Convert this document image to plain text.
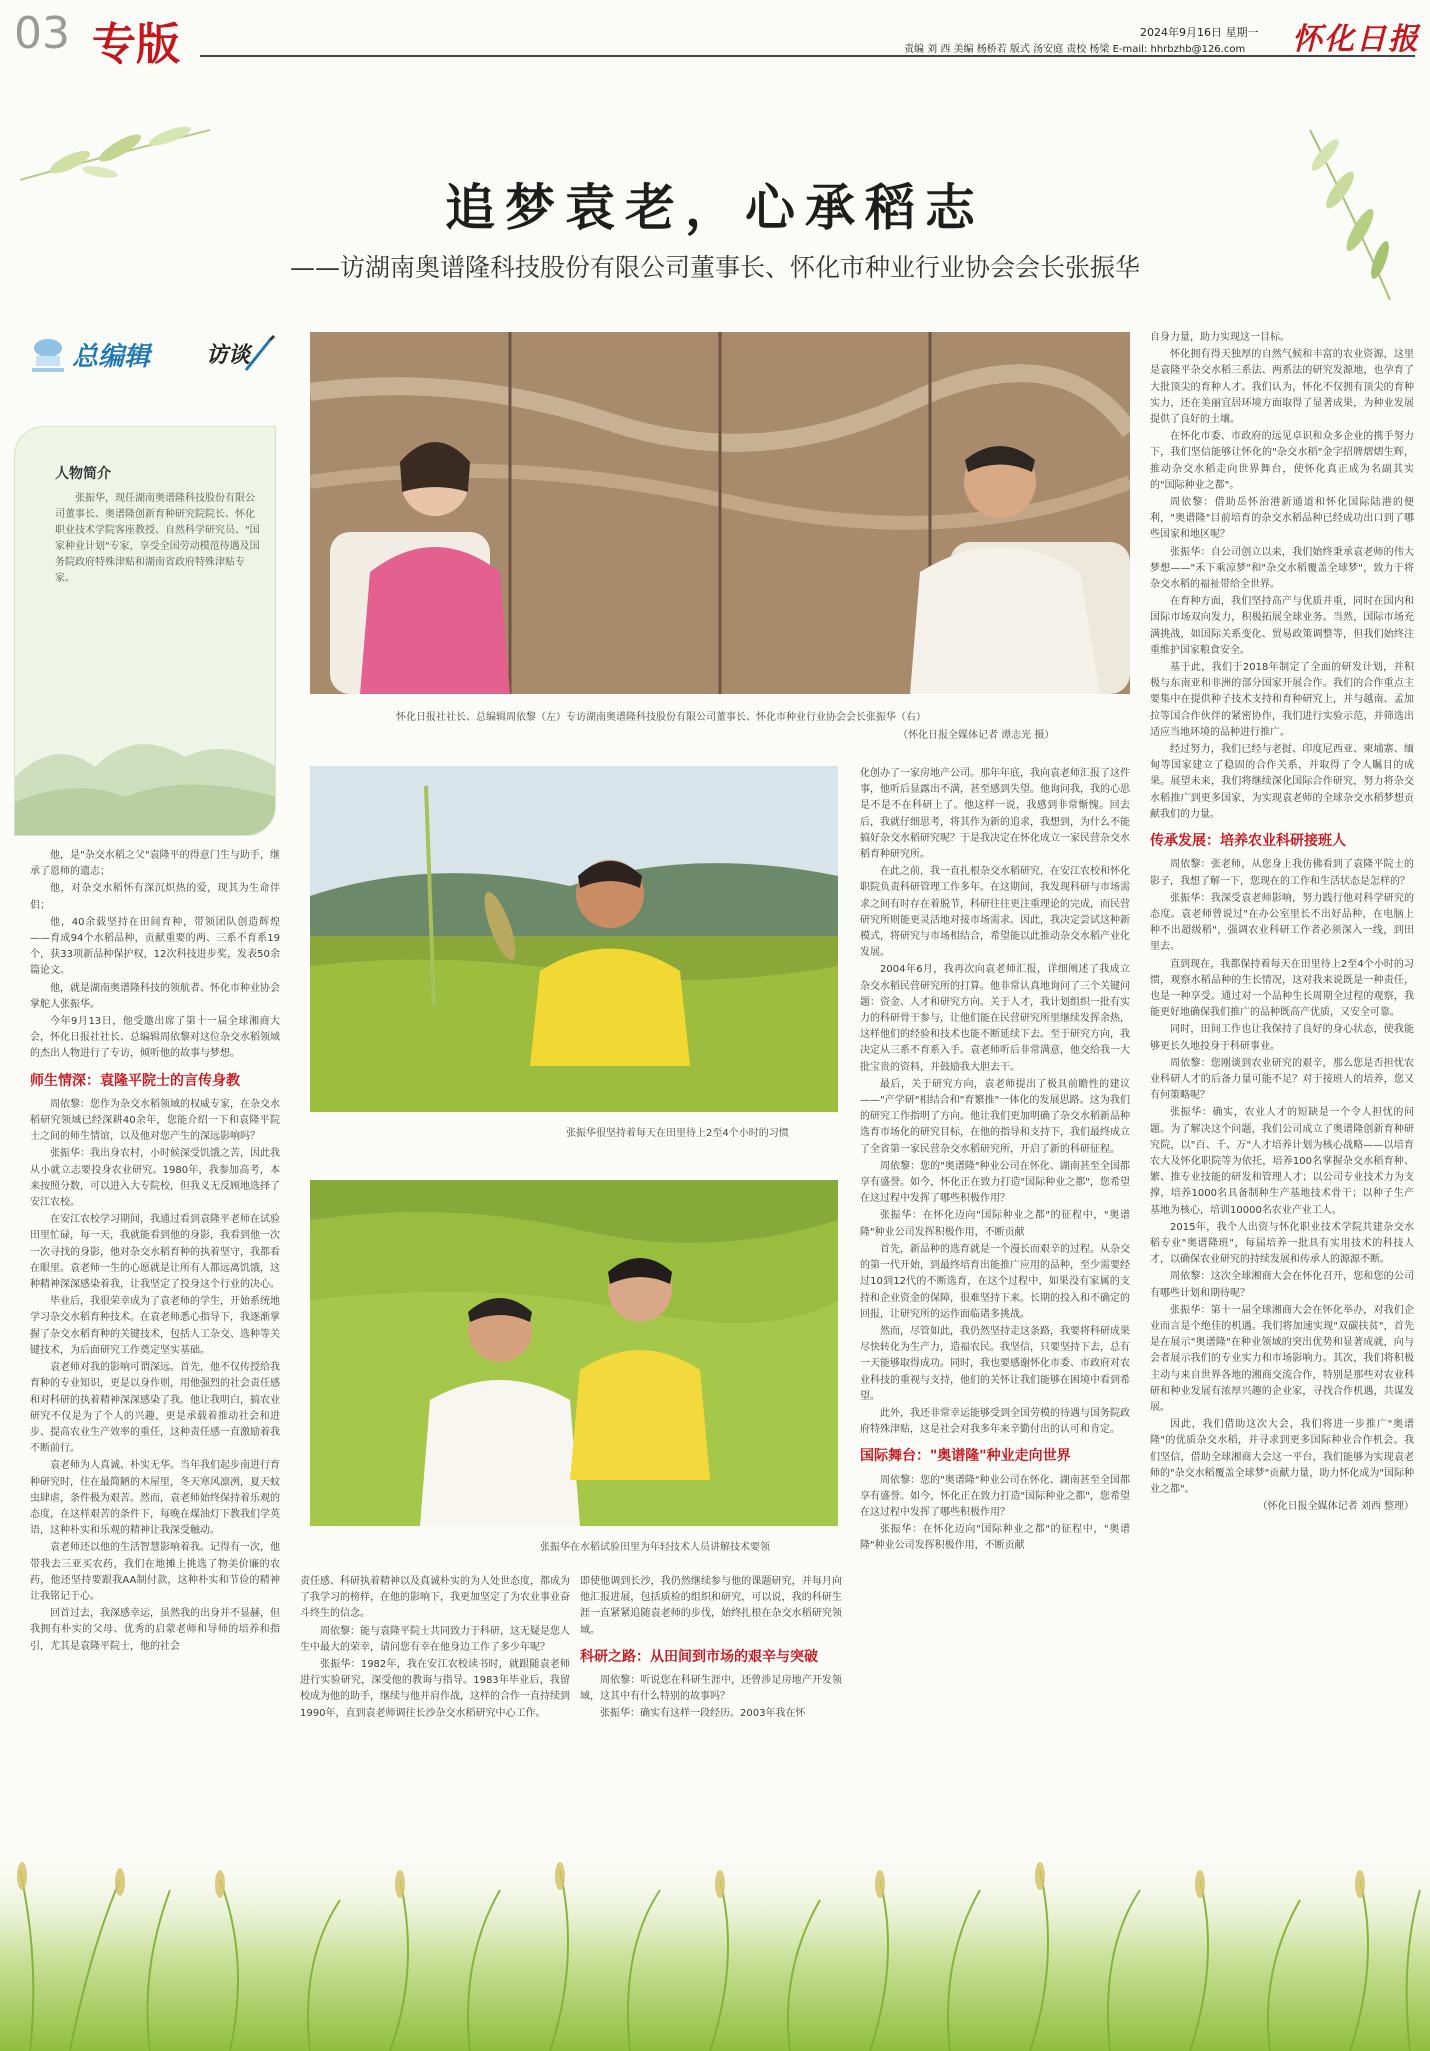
03 专版	2024年9月16日 星期一
责编 刘 西 美编 杨桥若 版式 汤安庭 责校 杨梁 E-mail: hhrbzhb@126.com 怀化日报
追梦袁老，心承稻志
——访湖南奥谱隆科技股份有限公司董事长、怀化市种业行业协会会长张振华
总编辑	访谈
人物简介
张振华，现任湖南奥谱隆科技股份有限公司董事长、奥谱隆创新育种研究院院长、怀化职业技术学院客座教授、自然科学研究员、"国家种业计划"专家，享受全国劳动模范待遇及国务院政府特殊津贴和湖南省政府特殊津贴专家。
怀化日报社社长、总编辑周依黎（左）专访湖南奥谱隆科技股份有限公司董事长、怀化市种业行业协会会长张振华（右）
（怀化日报全媒体记者 谭志光 摄）
张振华很坚持着每天在田里待上2至4个小时的习惯
张振华在水稻试验田里为年轻技术人员讲解技术要领

他，是"杂交水稻之父"袁隆平的得意门生与助手，继承了恩师的遗志；

他，对杂交水稻怀有深沉炽热的爱，现其为生命伴侣；

他，40余载坚持在田间育种，带领团队创造辉煌——育成94个水稻品种，贡献重要的两、三系不育系19个，获33项新品种保护权，12次科技进步奖，发表50余篇论文。

他，就是湖南奥谱隆科技的领航者、怀化市种业协会掌舵人张振华。

今年9月13日，他受邀出席了第十一届全球湘商大会，怀化日报社社长、总编辑周依黎对这位杂交水稻领域的杰出人物进行了专访，倾听他的故事与梦想。

师生情深：袁隆平院士的言传身教

周依黎：您作为杂交水稻领域的权威专家，在杂交水稻研究领域已经深耕40余年，您能介绍一下和袁隆平院士之间的师生情谊，以及他对您产生的深远影响吗？

张振华：我出身农村，小时候深受饥饿之苦，因此我从小就立志要投身农业研究。1980年，我参加高考，本来按照分数，可以进入大专院校，但我义无反顾地选择了安江农校。

在安江农校学习期间，我通过看到袁隆平老师在试验田里忙碌，每一天，我就能看到他的身影，我看到他一次一次寻找的身影，他对杂交水稻育种的执着坚守，我都看在眼里。袁老师一生的心愿就是让所有人都远离饥饿，这种精神深深感染着我，让我坚定了投身这个行业的决心。

毕业后，我很荣幸成为了袁老师的学生，开始系统地学习杂交水稻育种技术。在袁老师悉心指导下，我逐渐掌握了杂交水稻育种的关键技术，包括人工杂交、选种等关键技术，为后面研究工作奠定坚实基础。

袁老师对我的影响可谓深远。首先，他不仅传授给我育种的专业知识，更是以身作则，用他强烈的社会责任感和对科研的执着精神深深感染了我。他让我明白，搞农业研究不仅是为了个人的兴趣，更是承载着推动社会和进步、提高农业生产效率的重任，这种责任感一直激励着我不断前行。

袁老师为人真诚、朴实无华。当年我们起步南进行育种研究时，住在最简陋的木屋里，冬天寒风凛冽，夏天蚊虫肆虐，条件极为艰苦。然而，袁老师始终保持着乐观的态度，在这样艰苦的条件下，每晚在煤油灯下教我们学英语，这种朴实和乐观的精神让我深受触动。

袁老师还以他的生活智慧影响着我。记得有一次，他带我去三亚买农药，我们在地摊上挑选了物美价廉的农药，他还坚持要跟我AA制付款，这种朴实和节俭的精神让我铭记于心。

回首过去，我深感幸运，虽然我的出身并不显赫，但我拥有朴实的父母、优秀的启蒙老师和导师的培养和指引，尤其是袁隆平院士，他的社会

责任感、科研执着精神以及真诚朴实的为人处世态度，都成为了我学习的榜样，在他的影响下，我更加坚定了为农业事业奋斗终生的信念。

周依黎：能与袁隆平院士共同致力于科研，这无疑是您人生中最大的荣幸，请问您有幸在他身边工作了多少年呢？

张振华：1982年，我在安江农校读书时，就跟随袁老师进行实验研究，深受他的教诲与指导。1983年毕业后，我留校成为他的助手，继续与他并肩作战，这样的合作一直持续到1990年，直到袁老师调往长沙杂交水稻研究中心工作。

即使他调到长沙，我仍然继续参与他的课题研究，并每月向他汇报进展，包括质检的组织和研究，可以说，我的科研生涯一直紧紧追随袁老师的步伐，始终扎根在杂交水稻研究领域。

科研之路：从田间到市场的艰辛与突破

周依黎：听说您在科研生涯中，还曾涉足房地产开发领域，这其中有什么特别的故事吗？

张振华：确实有这样一段经历。2003年我在怀

化创办了一家房地产公司。那年年底，我向袁老师汇报了这件事，他听后显露出不满，甚至感到失望。他询问我，我的心思是不是不在科研上了。他这样一说，我感到非常惭愧。回去后，我就仔细思考，将其作为新的追求，我想到，为什么不能搞好杂交水稻研究呢？于是我决定在怀化成立一家民营杂交水稻育种研究所。

在此之前，我一直扎根杂交水稻研究，在安江农校和怀化职院负责科研管理工作多年。在这期间，我发现科研与市场需求之间有时存在着脱节，科研往往更注重理论的完成，而民营研究所则能更灵活地对接市场需求。因此，我决定尝试这种新模式，将研究与市场相结合，希望能以此推动杂交水稻产业化发展。

2004年6月，我再次向袁老师汇报，详细阐述了我成立杂交水稻民营研究所的打算。他非常认真地询问了三个关键问题：资金、人才和研究方向。关于人才，我计划组织一批有实力的科研骨干参与，让他们能在民营研究所里继续发挥余热，这样他们的经验和技术也能不断延续下去。至于研究方向，我决定从三系不育系入手。袁老师听后非常满意，他交给我一大批宝贵的资料，并鼓励我大胆去干。

最后，关于研究方向，袁老师提出了极具前瞻性的建议——"产学研"相结合和"育繁推"一体化的发展思路。这为我们的研究工作指明了方向。他让我们更加明确了杂交水稻新品种选育市场化的研究目标，在他的指导和支持下，我们最终成立了全省第一家民营杂交水稻研究所，开启了新的科研征程。

周依黎：您的"奥谱隆"种业公司在怀化、湖南甚至全国都享有盛誉。如今，怀化正在致力打造"国际种业之都"，您希望在这过程中发挥了哪些积极作用？

张振华：在怀化迈向"国际种业之都"的征程中，"奥谱隆"种业公司发挥积极作用，不断贡献

首先，新品种的选育就是一个漫长而艰辛的过程。从杂交的第一代开始，到最终培育出能推广应用的品种，至少需要经过10到12代的不断选育，在这个过程中，如果没有家属的支持和企业资金的保障，很难坚持下来。长期的投入和不确定的回报，让研究所的运作面临诸多挑战。

然而，尽管如此，我仍然坚持走这条路，我要将科研成果尽快转化为生产力，造福农民。我坚信，只要坚持下去，总有一天能够取得成功。同时，我也要感谢怀化市委、市政府对农业科技的重视与支持，他们的关怀让我们能够在困境中看到希望。

此外，我还非常幸运能够受到全国劳模的待遇与国务院政府特殊津贴，这是社会对我多年来辛勤付出的认可和肯定。

国际舞台："奥谱隆"种业走向世界

周依黎：您的"奥谱隆"种业公司在怀化、湖南甚至全国都享有盛誉。如今，怀化正在致力打造"国际种业之都"，您希望在这过程中发挥了哪些积极作用？

张振华：在怀化迈向"国际种业之都"的征程中，"奥谱隆"种业公司发挥积极作用，不断贡献

自身力量，助力实现这一目标。

怀化拥有得天独厚的自然气候和丰富的农业资源，这里是袁隆平杂交水稻三系法、两系法的研究发源地，也孕育了大批顶尖的育种人才。我们认为，怀化不仅拥有顶尖的育种实力，还在美丽宜居环境方面取得了显著成果，为种业发展提供了良好的土壤。

在怀化市委、市政府的远见卓识和众多企业的携手努力下，我们坚信能够让怀化的"杂交水稻"金字招牌熠熠生辉，推动杂交水稻走向世界舞台，使怀化真正成为名副其实的"国际种业之都"。

周依黎：借助岳怀治港新通道和怀化国际陆港的便利，"奥谱隆"目前培育的杂交水稻品种已经成功出口到了哪些国家和地区呢？

张振华：自公司创立以来，我们始终秉承袁老师的伟大梦想——"禾下乘凉梦"和"杂交水稻覆盖全球梦"，致力于将杂交水稻的福祉带给全世界。

在育种方面，我们坚持高产与优质并重，同时在国内和国际市场双向发力，积极拓展全球业务。当然，国际市场充满挑战，如国际关系变化、贸易政策调整等，但我们始终注重维护国家粮食安全。

基于此，我们于2018年制定了全面的研发计划，并积极与东南亚和非洲的部分国家开展合作。我们的合作重点主要集中在提供种子技术支持和育种研究上，并与越南、孟加拉等国合作伙伴的紧密协作，我们进行实验示范，并筛选出适应当地环境的品种进行推广。

经过努力，我们已经与老挝、印度尼西亚、柬埔寨、缅甸等国家建立了稳固的合作关系，并取得了令人瞩目的成果。展望未来，我们将继续深化国际合作研究，努力将杂交水稻推广到更多国家，为实现袁老师的全球杂交水稻梦想贡献我们的力量。

传承发展：培养农业科研接班人

周依黎：张老师，从您身上我仿佛看到了袁隆平院士的影子，我想了解一下，您现在的工作和生活状态是怎样的？

张振华：我深受袁老师影响，努力践行他对科学研究的态度。袁老师曾说过"在办公室里长不出好品种，在电脑上种不出超级稻"，强调农业科研工作者必须深入一线，到田里去。

直到现在，我都保持着每天在田里待上2至4个小时的习惯，观察水稻品种的生长情况，这对我来说既是一种责任，也是一种享受。通过对一个品种生长周期全过程的观察，我能更好地确保我们推广的品种既高产优质，又安全可靠。

同时，田间工作也让我保持了良好的身心状态，使我能够更长久地投身于科研事业。

周依黎：您刚谈到农业研究的艰辛，那么您是否担忧农业科研人才的后备力量可能不足？对于接班人的培养，您又有何策略呢？

张振华：确实，农业人才的短缺是一个令人担忧的问题。为了解决这个问题，我们公司成立了奥谱隆创新育种研究院，以"百、千、万"人才培养计划为核心战略——以培育农大及怀化职院等为依托，培养100名掌握杂交水稻育种、繁、推专业技能的研发和管理人才；以公司专业技术力为支撑，培养1000名具备制种生产基地技术骨干；以种子生产基地为核心，培训10000名农业产业工人。

2015年，我个人出资与怀化职业技术学院共建杂交水稻专业"奥谱隆班"，每届培养一批具有实用技术的科技人才，以确保农业研究的持续发展和传承人的源源不断。

周依黎：这次全球湘商大会在怀化召开，您和您的公司有哪些计划和期待呢？

张振华：第十一届全球湘商大会在怀化举办，对我们企业而言是个绝佳的机遇。我们将加速实现"双碳扶贫"，首先是在展示"奥谱隆"在种业领域的突出优势和显著成就，向与会者展示我们的专业实力和市场影响力。其次，我们将积极主动与来自世界各地的湘商交流合作，特别是那些对农业科研和种业发展有浓厚兴趣的企业家，寻找合作机遇，共谋发展。

因此，我们借助这次大会，我们将进一步推广"奥谱隆"的优质杂交水稻，并寻求到更多国际种业合作机会。我们坚信，借助全球湘商大会这一平台，我们能够为实现袁老师的"杂交水稻覆盖全球梦"贡献力量，助力怀化成为"国际种业之都"。

（怀化日报全媒体记者 刘西 整理）
